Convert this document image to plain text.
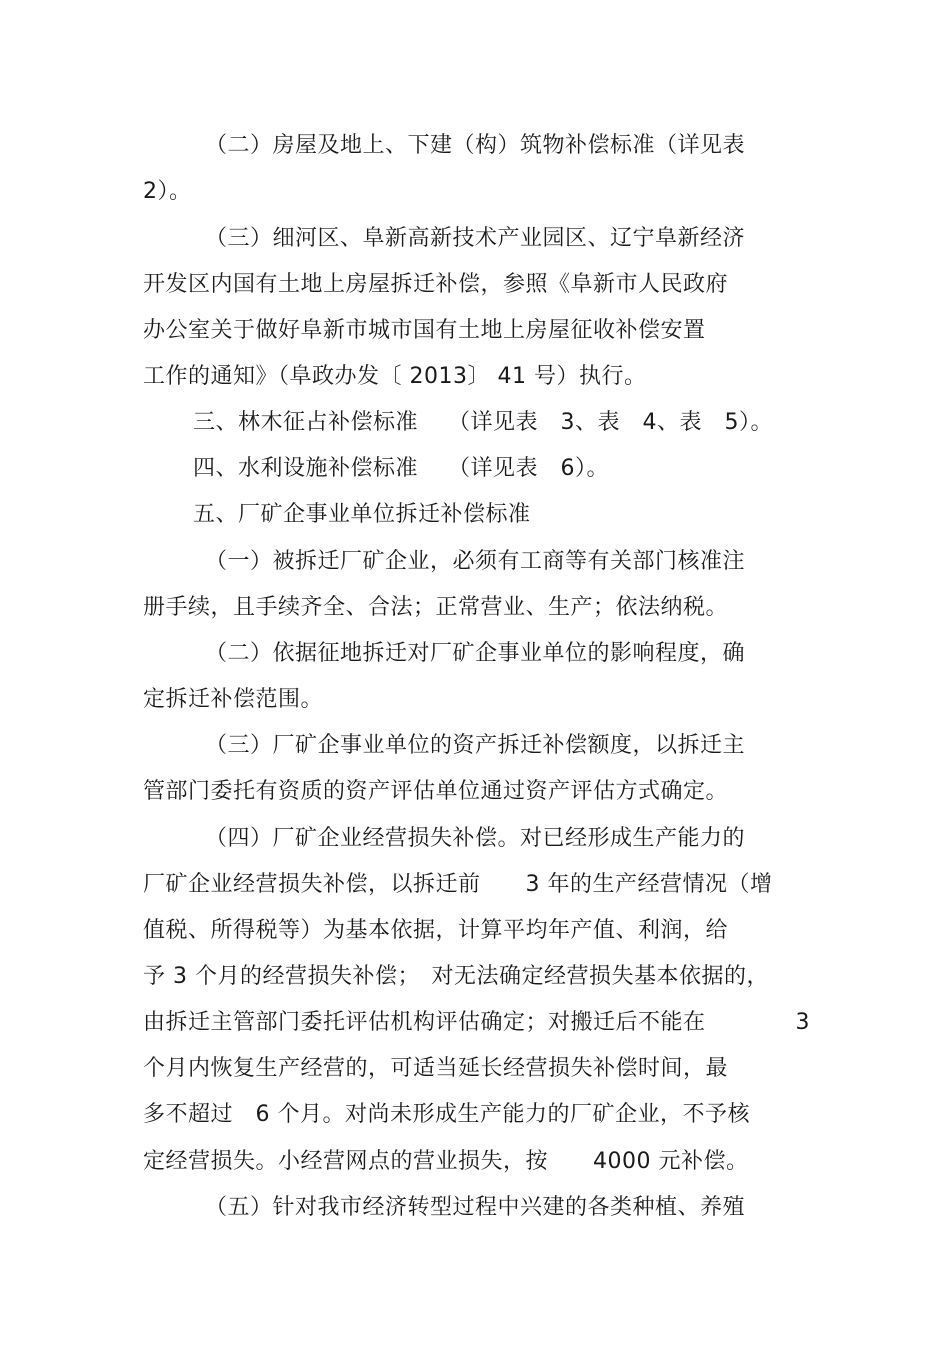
（二）房屋及地上、下建（构）筑物补偿标准（详见表
2）。
（三）细河区、阜新高新技术产业园区、辽宁阜新经济
开发区内国有土地上房屋拆迁补偿，参照《阜新市人民政府
办公室关于做好阜新市城市国有土地上房屋征收补偿安置
工作的通知》（阜政办发〔 2013〕 41 号）执行。
三、林木征占补偿标准　 （详见表　3、表　4、表　5）。
四、水利设施补偿标准　 （详见表　6）。
五、厂矿企事业单位拆迁补偿标准
（一）被拆迁厂矿企业，必须有工商等有关部门核准注
册手续，且手续齐全、合法；正常营业、生产；依法纳税。
（二）依据征地拆迁对厂矿企事业单位的影响程度，确
定拆迁补偿范围。
（三）厂矿企事业单位的资产拆迁补偿额度，以拆迁主
管部门委托有资质的资产评估单位通过资产评估方式确定。
（四）厂矿企业经营损失补偿。对已经形成生产能力的
厂矿企业经营损失补偿，以拆迁前　　3 年的生产经营情况（增
值税、所得税等）为基本依据，计算平均年产值、利润，给
予 3 个月的经营损失补偿；　对无法确定经营损失基本依据的，
由拆迁主管部门委托评估机构评估确定；对搬迁后不能在　　　　3
个月内恢复生产经营的，可适当延长经营损失补偿时间，最
多不超过　6 个月。对尚未形成生产能力的厂矿企业，不予核
定经营损失。小经营网点的营业损失，按　　4000 元补偿。
（五）针对我市经济转型过程中兴建的各类种植、养殖
